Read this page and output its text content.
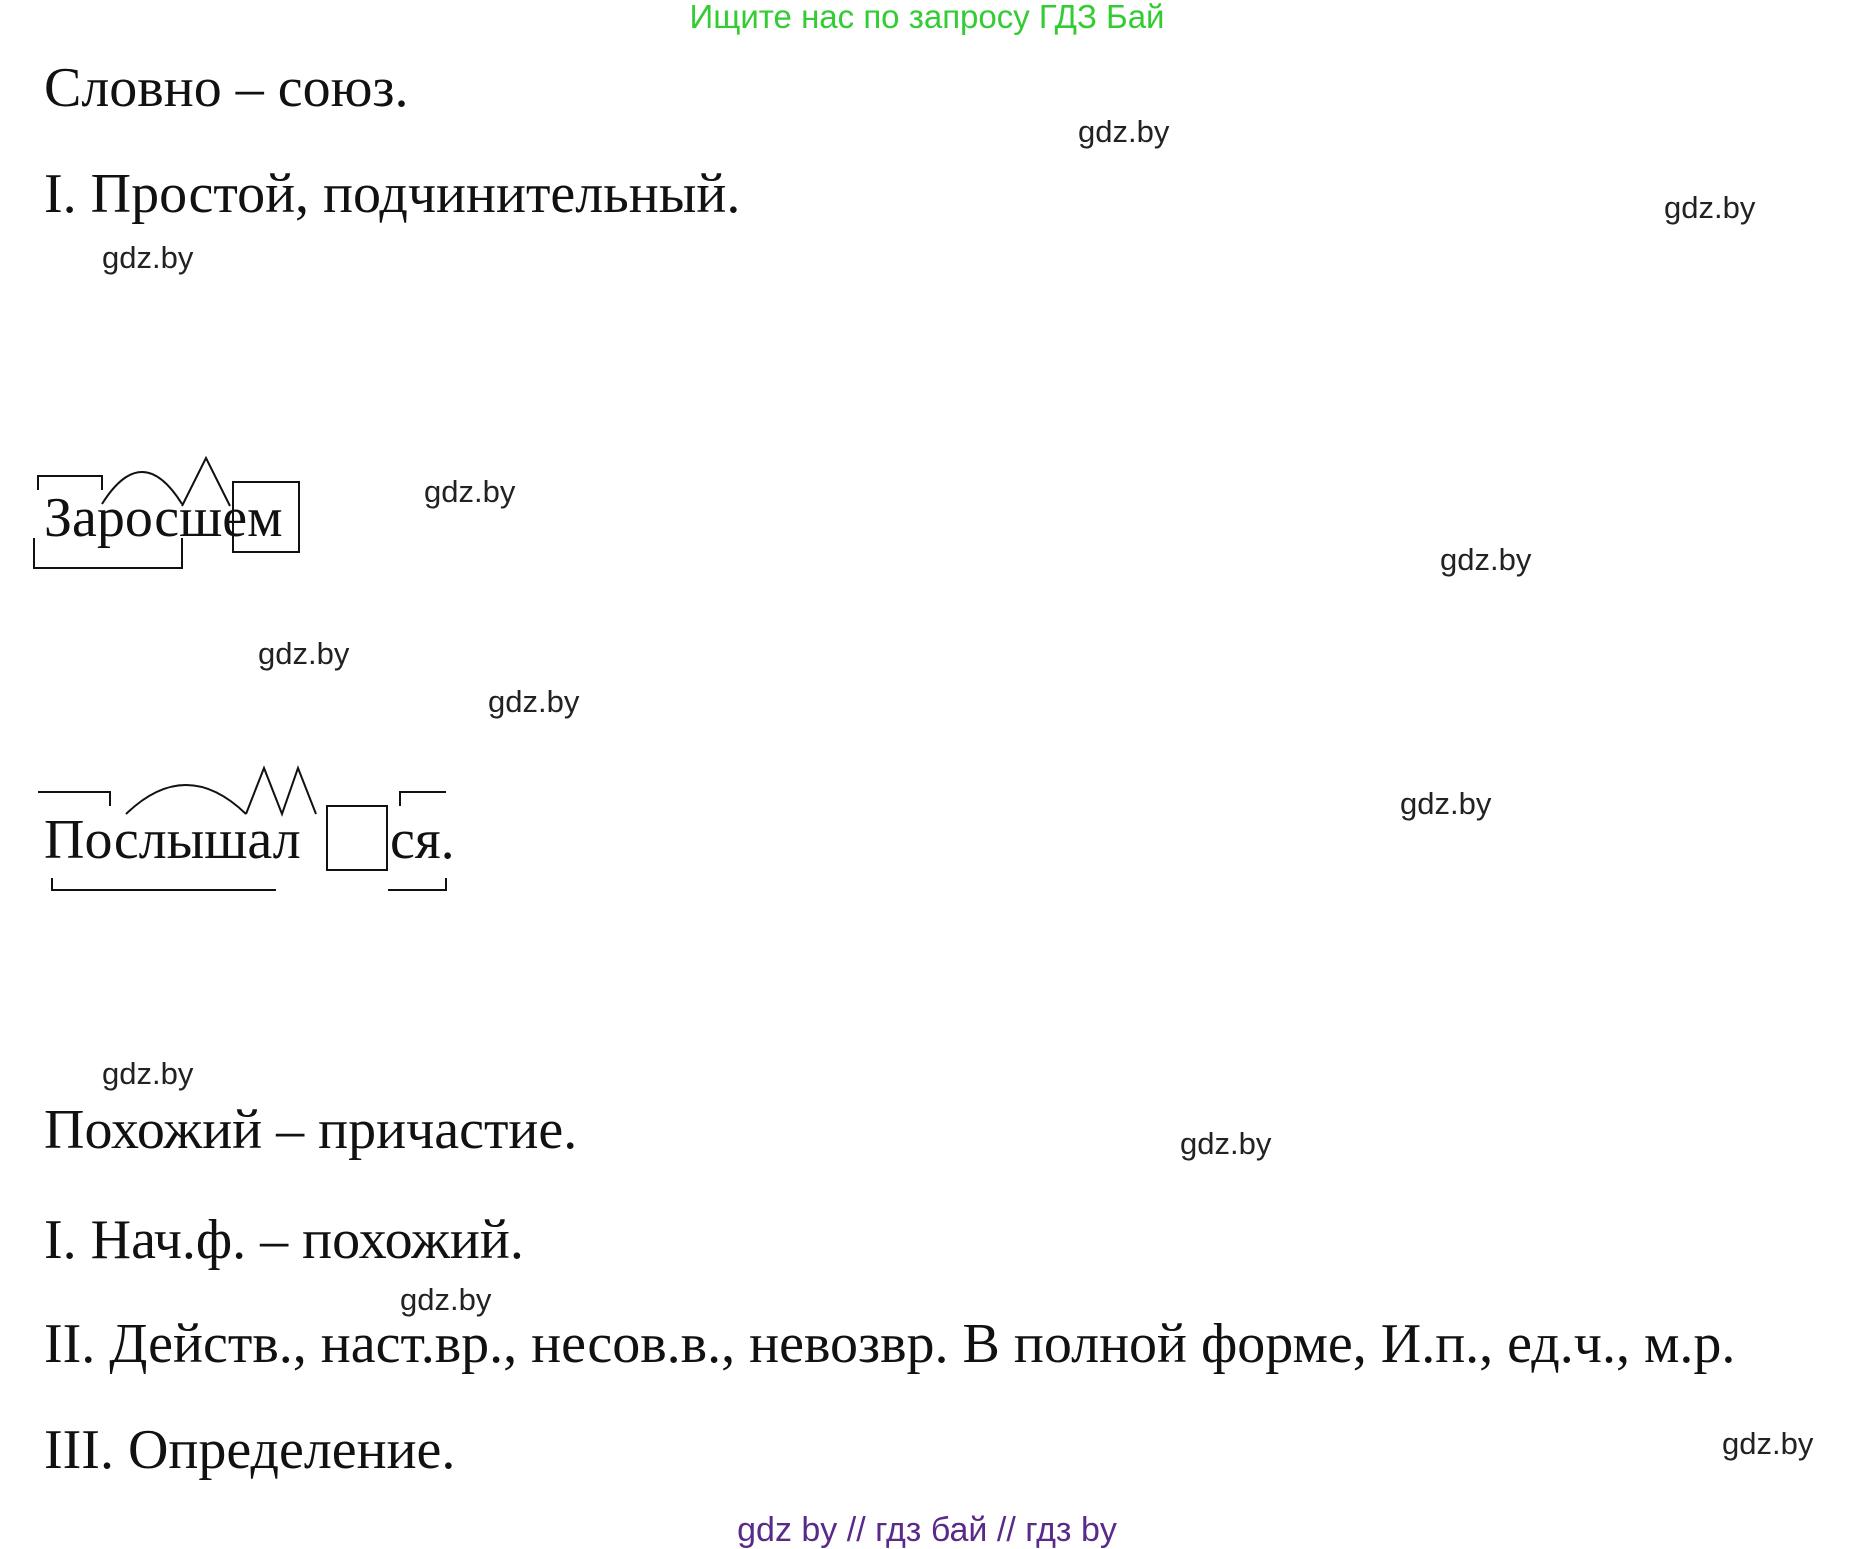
Ищите нас по запросу ГДЗ Бай
Словно – союз.
I. Простой, подчинительный.
Заросшем
Послышал ся.
Похожий – причастие.
I. Нач.ф. – похожий.
II. Действ., наст.вр., несов.в., невозвр. В полной форме, И.п., ед.ч., м.р.
III. Определение.
gdz.by
gdz.by
gdz.by
gdz.by
gdz.by
gdz.by
gdz.by
gdz.by
gdz.by
gdz.by
gdz.by
gdz.by
gdz by // гдз бай // гдз by
